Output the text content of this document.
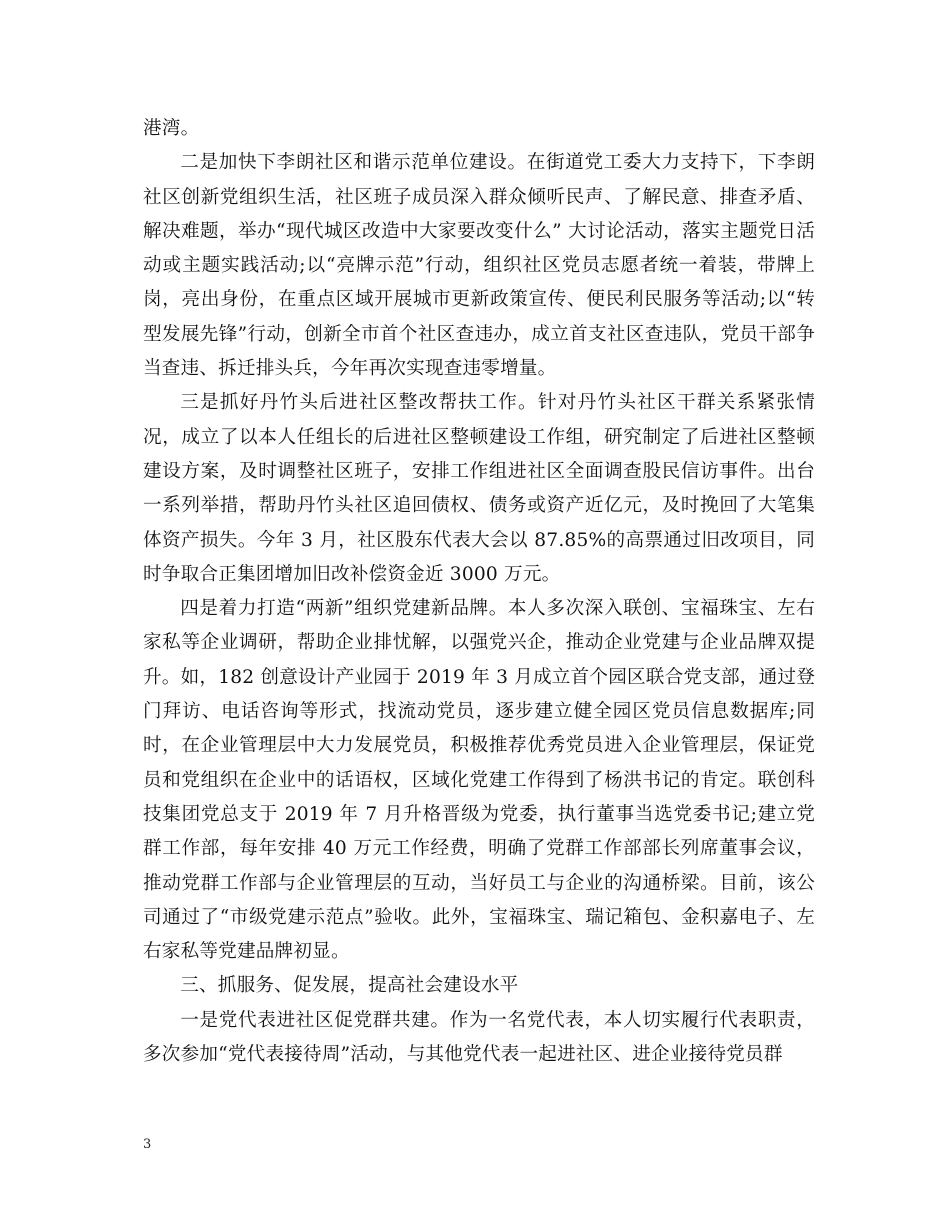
港湾。

二是加快下李朗社区和谐示范单位建设。在街道党工委大力支持下，下李朗社区创新党组织生活，社区班子成员深入群众倾听民声、了解民意、排查矛盾、解决难题，举办“现代城区改造中大家要改变什么” 大讨论活动，落实主题党日活动或主题实践活动;以“亮牌示范”行动，组织社区党员志愿者统一着装，带牌上岗，亮出身份，在重点区域开展城市更新政策宣传、便民利民服务等活动;以“转型发展先锋”行动，创新全市首个社区查违办，成立首支社区查违队，党员干部争当查违、拆迁排头兵，今年再次实现查违零增量。

三是抓好丹竹头后进社区整改帮扶工作。针对丹竹头社区干群关系紧张情况，成立了以本人任组长的后进社区整顿建设工作组，研究制定了后进社区整顿建设方案，及时调整社区班子，安排工作组进社区全面调查股民信访事件。出台一系列举措，帮助丹竹头社区追回债权、债务或资产近亿元，及时挽回了大笔集体资产损失。今年 3 月，社区股东代表大会以 87.85%的高票通过旧改项目，同时争取合正集团增加旧改补偿资金近 3000 万元。

四是着力打造“两新”组织党建新品牌。本人多次深入联创、宝福珠宝、左右家私等企业调研，帮助企业排忧解，以强党兴企，推动企业党建与企业品牌双提升。如，182 创意设计产业园于 2019 年 3 月成立首个园区联合党支部，通过登门拜访、电话咨询等形式，找流动党员，逐步建立健全园区党员信息数据库;同时，在企业管理层中大力发展党员，积极推荐优秀党员进入企业管理层，保证党员和党组织在企业中的话语权，区域化党建工作得到了杨洪书记的肯定。联创科技集团党总支于 2019 年 7 月升格晋级为党委，执行董事当选党委书记;建立党群工作部，每年安排 40 万元工作经费，明确了党群工作部部长列席董事会议，推动党群工作部与企业管理层的互动，当好员工与企业的沟通桥梁。目前，该公司通过了“市级党建示范点”验收。此外，宝福珠宝、瑞记箱包、金积嘉电子、左右家私等党建品牌初显。

三、抓服务、促发展，提高社会建设水平

一是党代表进社区促党群共建。作为一名党代表，本人切实履行代表职责，多次参加“党代表接待周”活动，与其他党代表一起进社区、进企业接待党员群

3
